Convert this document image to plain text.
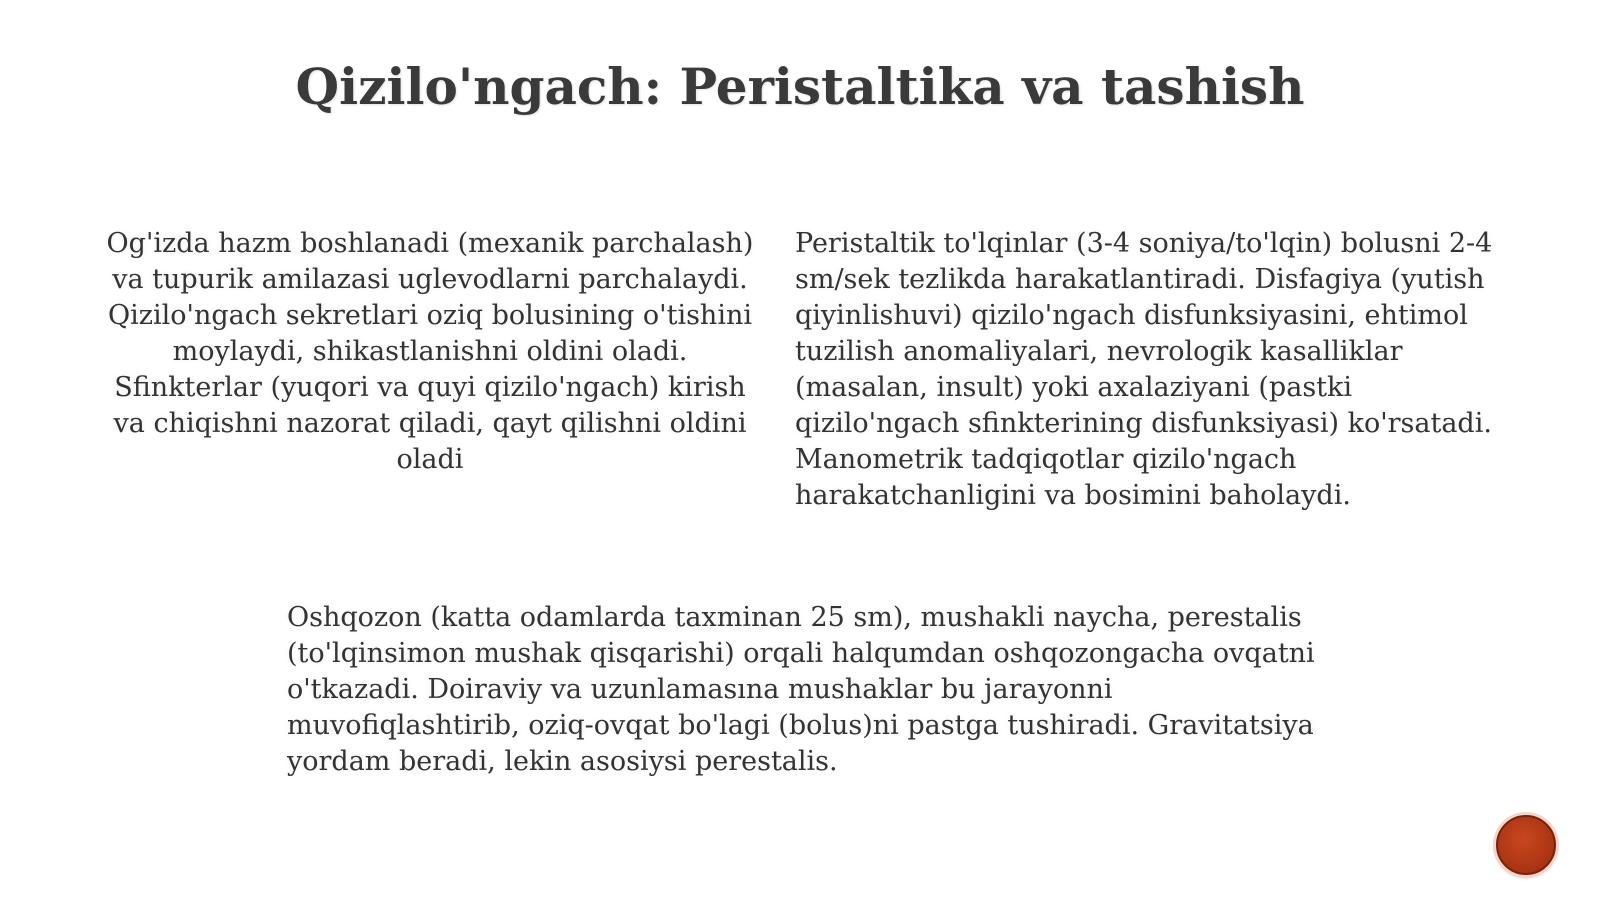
Qizilo'ngach: Peristaltika va tashish

Og'izda hazm boshlanadi (mexanik parchalash) va tupurik amilazasi uglevodlarni parchalaydi. Qizilo'ngach sekretlari oziq bolusining o'tishini moylaydi, shikastlanishni oldini oladi. Sfinkterlar (yuqori va quyi qizilo'ngach) kirish va chiqishni nazorat qiladi, qayt qilishni oldini oladi

Peristaltik to'lqinlar (3-4 soniya/to'lqin) bolusni 2-4 sm/sek tezlikda harakatlantiradi. Disfagiya (yutish qiyinlishuvi) qizilo'ngach disfunksiyasini, ehtimol tuzilish anomaliyalari, nevrologik kasalliklar (masalan, insult) yoki axalaziyani (pastki qizilo'ngach sfinkterining disfunksiyasi) ko'rsatadi. Manometrik tadqiqotlar qizilo'ngach harakatchanligini va bosimini baholaydi.

Oshqozon (katta odamlarda taxminan 25 sm), mushakli naycha, perestalis (to'lqinsimon mushak qisqarishi) orqali halqumdan oshqozongacha ovqatni o'tkazadi. Doiraviy va uzunlamasına mushaklar bu jarayonni muvofiqlashtirib, oziq-ovqat bo'lagi (bolus)ni pastga tushiradi. Gravitatsiya yordam beradi, lekin asosiysi perestalis.
